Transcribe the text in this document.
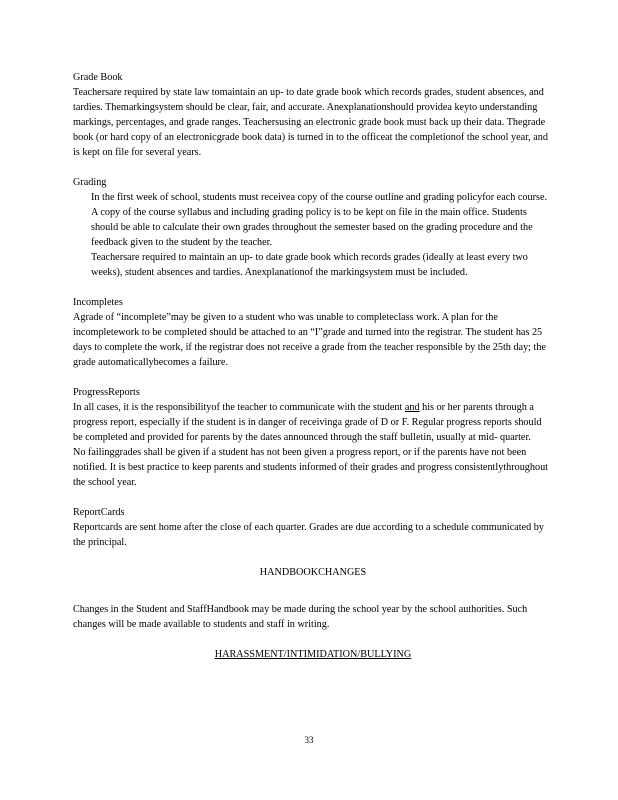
Grade Book

Teachersare required by state law tomaintain an up- to date grade book which records grades, student absences, and tardies. Themarkingsystem should be clear, fair, and accurate. Anexplanationshould providea keyto understanding markings, percentages, and grade ranges. Teachersusing an electronic grade book must back up their data. Thegrade book (or hard copy of an electronicgrade book data) is turned in to the officeat the completionof the school year, and is kept on file for several years.

Grading

In the first week of school, students must receivea copy of the course outline and grading policyfor each course. A copy of the course syllabus and including grading policy is to be kept on file in the main office. Students should be able to calculate their own grades throughout the semester based on the grading procedure and the feedback given to the student by the teacher.

Teachersare required to maintain an up- to date grade book which records grades (ideally at least every two weeks), student absences and tardies. Anexplanationof the markingsystem must be included.

Incompletes

Agrade of “incomplete”may be given to a student who was unable to completeclass work. A plan for the incompletework to be completed should be attached to an “I”grade and turned into the registrar. The student has 25 days to complete the work, if the registrar does not receive a grade from the teacher responsible by the 25th day; the grade automaticallybecomes a failure.

ProgressReports

In all cases, it is the responsibilityof the teacher to communicate with the student and his or her parents through a progress report, especially if the student is in danger of receivinga grade of D or F. Regular progress reports should be completed and provided for parents by the dates announced through the staff bulletin, usually at mid- quarter.

No failinggrades shall be given if a student has not been given a progress report, or if the parents have not been notified. It is best practice to keep parents and students informed of their grades and progress consistentlythroughout the school year.

ReportCards

Reportcards are sent home after the close of each quarter. Grades are due according to a schedule communicated by the principal.

HANDBOOKCHANGES

Changes in the Student and StaffHandbook may be made during the school year by the school authorities. Such changes will be made available to students and staff in writing.

HARASSMENT/INTIMIDATION/BULLYING

33
